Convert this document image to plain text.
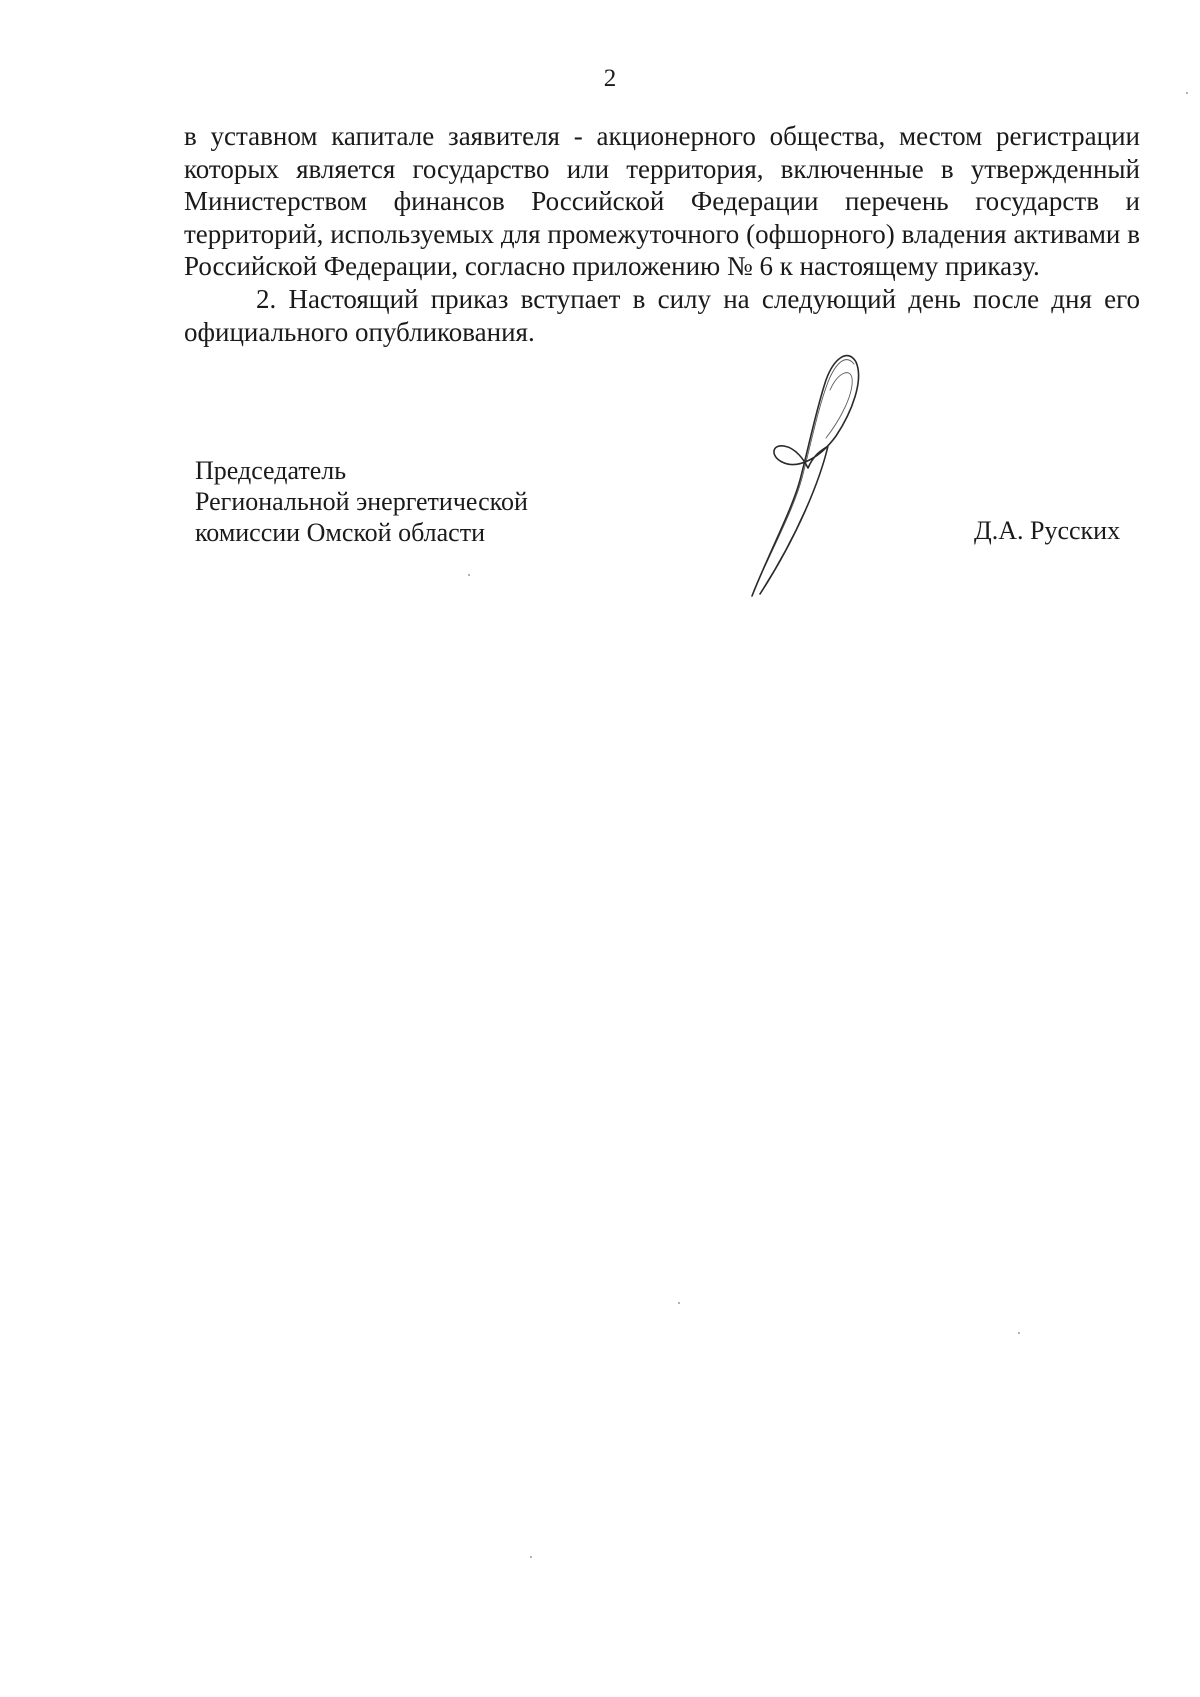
2

в уставном капитале заявителя - акционерного общества, местом регистрации которых является государство или территория, включенные в утвержденный Министерством финансов Российской Федерации перечень государств и территорий, используемых для промежуточного (офшорного) владения активами в Российской Федерации, согласно приложению № 6 к настоящему приказу.

2. Настоящий приказ вступает в силу на следующий день после дня его официального опубликования.

Председатель
Региональной энергетической
комиссии Омской области	Д.А. Русских
